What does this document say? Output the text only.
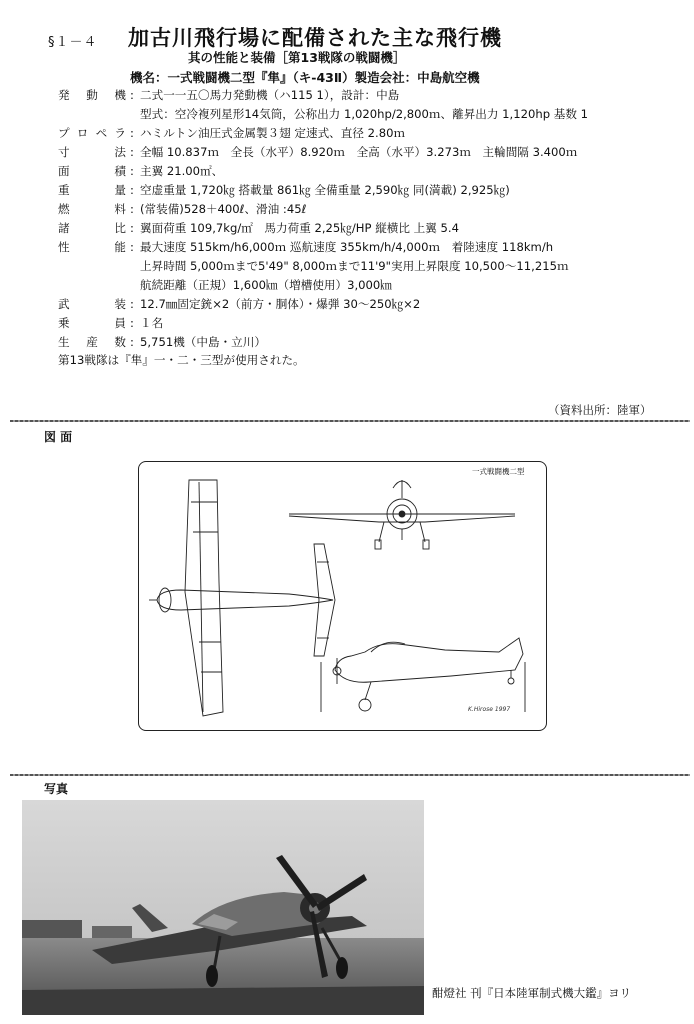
§１－４ 加古川飛行場に配備された主な飛行機
其の性能と装備［第13戦隊の戦闘機］
機名：一式戦闘機二型『隼』（キ-43Ⅱ）製造会社：中島航空機
発動機 : 二式一一五〇馬力発動機（ハ115 1），設計：中島
型式：空冷複列星形14気筒，公称出力 1,020hp/2,800ｍ、離昇出力 1,120hp 基数 1
プロペラ : ハミルトン油圧式金属製３翅 定速式、直径 2.80ｍ
寸法 : 全幅 10.837ｍ　全長（水平）8.920ｍ　全高（水平）3.273ｍ　主輪間隔 3.400ｍ
面積 : 主翼 21.00㎡、
重量 : 空虚重量 1,720㎏ 搭載量 861㎏ 全備重量 2,590㎏ 同(満載) 2,925㎏)
燃料 : (常装備)528＋400ℓ、滑油 :45ℓ
諸比 : 翼面荷重 109,7kg/㎡　馬力荷重 2,25㎏/HP 縦横比 上翼 5.4
性能 : 最大速度 515km/h6,000ｍ 巡航速度 355km/h/4,000ｍ　着陸速度 118km/h
上昇時間 5,000ｍまで5'49" 8,000ｍまで11'9"実用上昇限度 10,500～11,215ｍ
航続距離（正規）1,600㎞（増槽使用）3,000㎞
武装 : 12.7㎜固定銃×2（前方・胴体）・爆弾 30～250㎏×2
乗員 : １名
生産数 : 5,751機（中島・立川）
第13戦隊は『隼』一・二・三型が使用された。
（資料出所：陸軍）
図 面
一式戦闘機二型
K.Hirose 1997
写真
酣燈社 刊『日本陸軍制式機大鑑』ヨリ
